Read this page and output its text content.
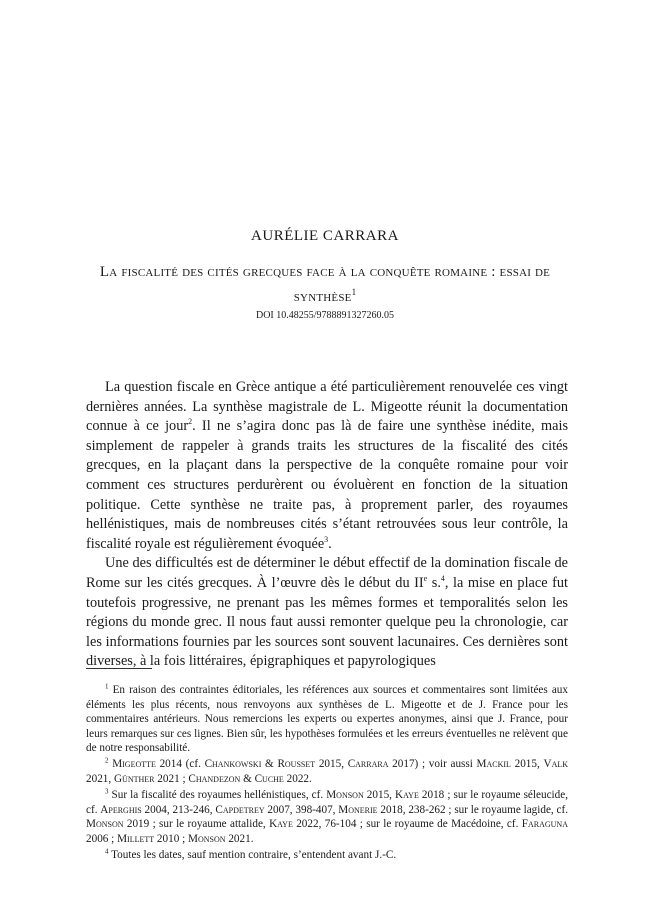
AURÉLIE CARRARA
La fiscalité des cités grecques face à la conquête romaine : essai de synthèse$^1$
DOI 10.48255/9788891327260.05

La question fiscale en Grèce antique a été particulièrement renouvelée ces vingt dernières années. La synthèse magistrale de L. Migeotte réunit la documentation connue à ce jour$^2$. Il ne s’agira donc pas là de faire une synthèse inédite, mais simplement de rappeler à grands traits les structures de la fiscalité des cités grecques, en la plaçant dans la perspective de la conquête romaine pour voir comment ces structures perdurèrent ou évoluèrent en fonction de la situation politique. Cette synthèse ne traite pas, à proprement parler, des royaumes hellénistiques, mais de nombreuses cités s’étant retrouvées sous leur contrôle, la fiscalité royale est régulièrement évoquée$^3$.

Une des difficultés est de déterminer le début effectif de la domination fiscale de Rome sur les cités grecques. À l’œuvre dès le début du IIe s.$^4$, la mise en place fut toutefois progressive, ne prenant pas les mêmes formes et temporalités selon les régions du monde grec. Il nous faut aussi remonter quelque peu la chronologie, car les informations fournies par les sources sont souvent lacunaires. Ces dernières sont diverses, à la fois littéraires, épigraphiques et papyrologiques

$^1$ En raison des contraintes éditoriales, les références aux sources et commentaires sont limitées aux éléments les plus récents, nous renvoyons aux synthèses de L. Migeotte et de J. France pour les commentaires antérieurs. Nous remercions les experts ou expertes anonymes, ainsi que J. France, pour leurs remarques sur ces lignes. Bien sûr, les hypothèses formulées et les erreurs éventuelles ne relèvent que de notre responsabilité.

$^2$ Migeotte 2014 (cf. Chankowski & Rousset 2015, Carrara 2017) ; voir aussi Mackil 2015, Valk 2021, Günther 2021 ; Chandezon & Cuche 2022.

$^3$ Sur la fiscalité des royaumes hellénistiques, cf. Monson 2015, Kaye 2018 ; sur le royaume séleucide, cf. Aperghis 2004, 213-246, Capdetrey 2007, 398-407, Monerie 2018, 238-262 ; sur le royaume lagide, cf. Monson 2019 ; sur le royaume attalide, Kaye 2022, 76-104 ; sur le royaume de Macédoine, cf. Faraguna 2006 ; Millett 2010 ; Monson 2021.

$^4$ Toutes les dates, sauf mention contraire, s’entendent avant J.-C.
